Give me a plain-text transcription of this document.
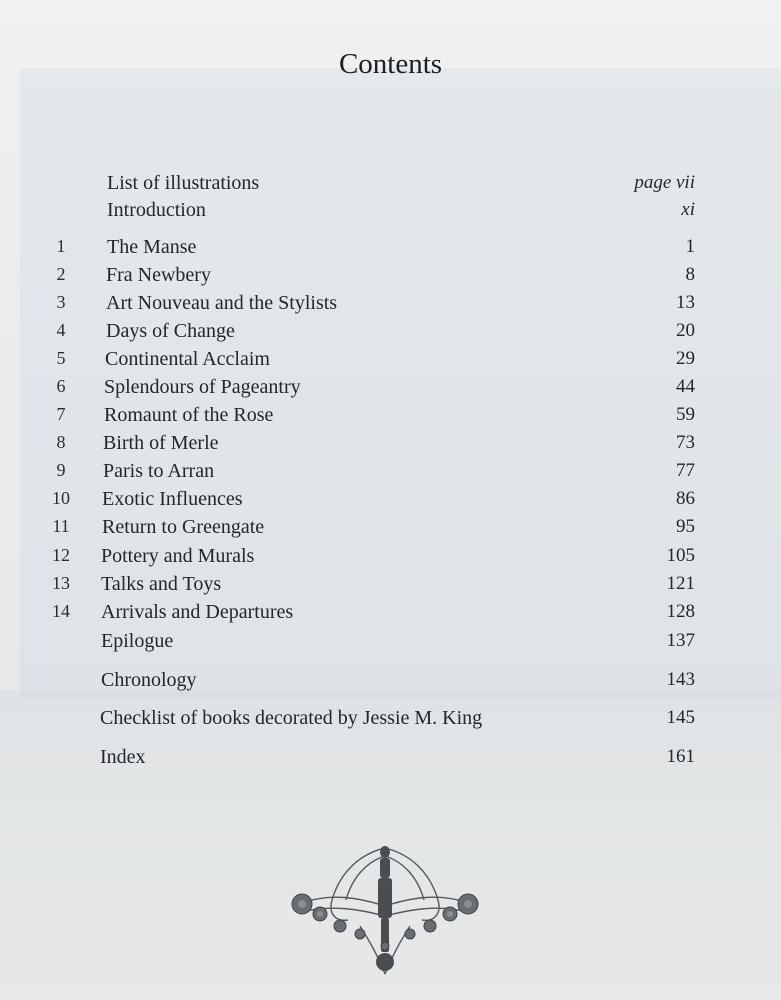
Contents
List of illustrations	page vii
Introduction	xi
1	The Manse	1
2	Fra Newbery	8
3	Art Nouveau and the Stylists	13
4	Days of Change	20
5	Continental Acclaim	29
6	Splendours of Pageantry	44
7	Romaunt of the Rose	59
8	Birth of Merle	73
9	Paris to Arran	77
10	Exotic Influences	86
11	Return to Greengate	95
12	Pottery and Murals	105
13	Talks and Toys	121
14	Arrivals and Departures	128
Epilogue	137
Chronology	143
Checklist of books decorated by Jessie M. King	145
Index	161
